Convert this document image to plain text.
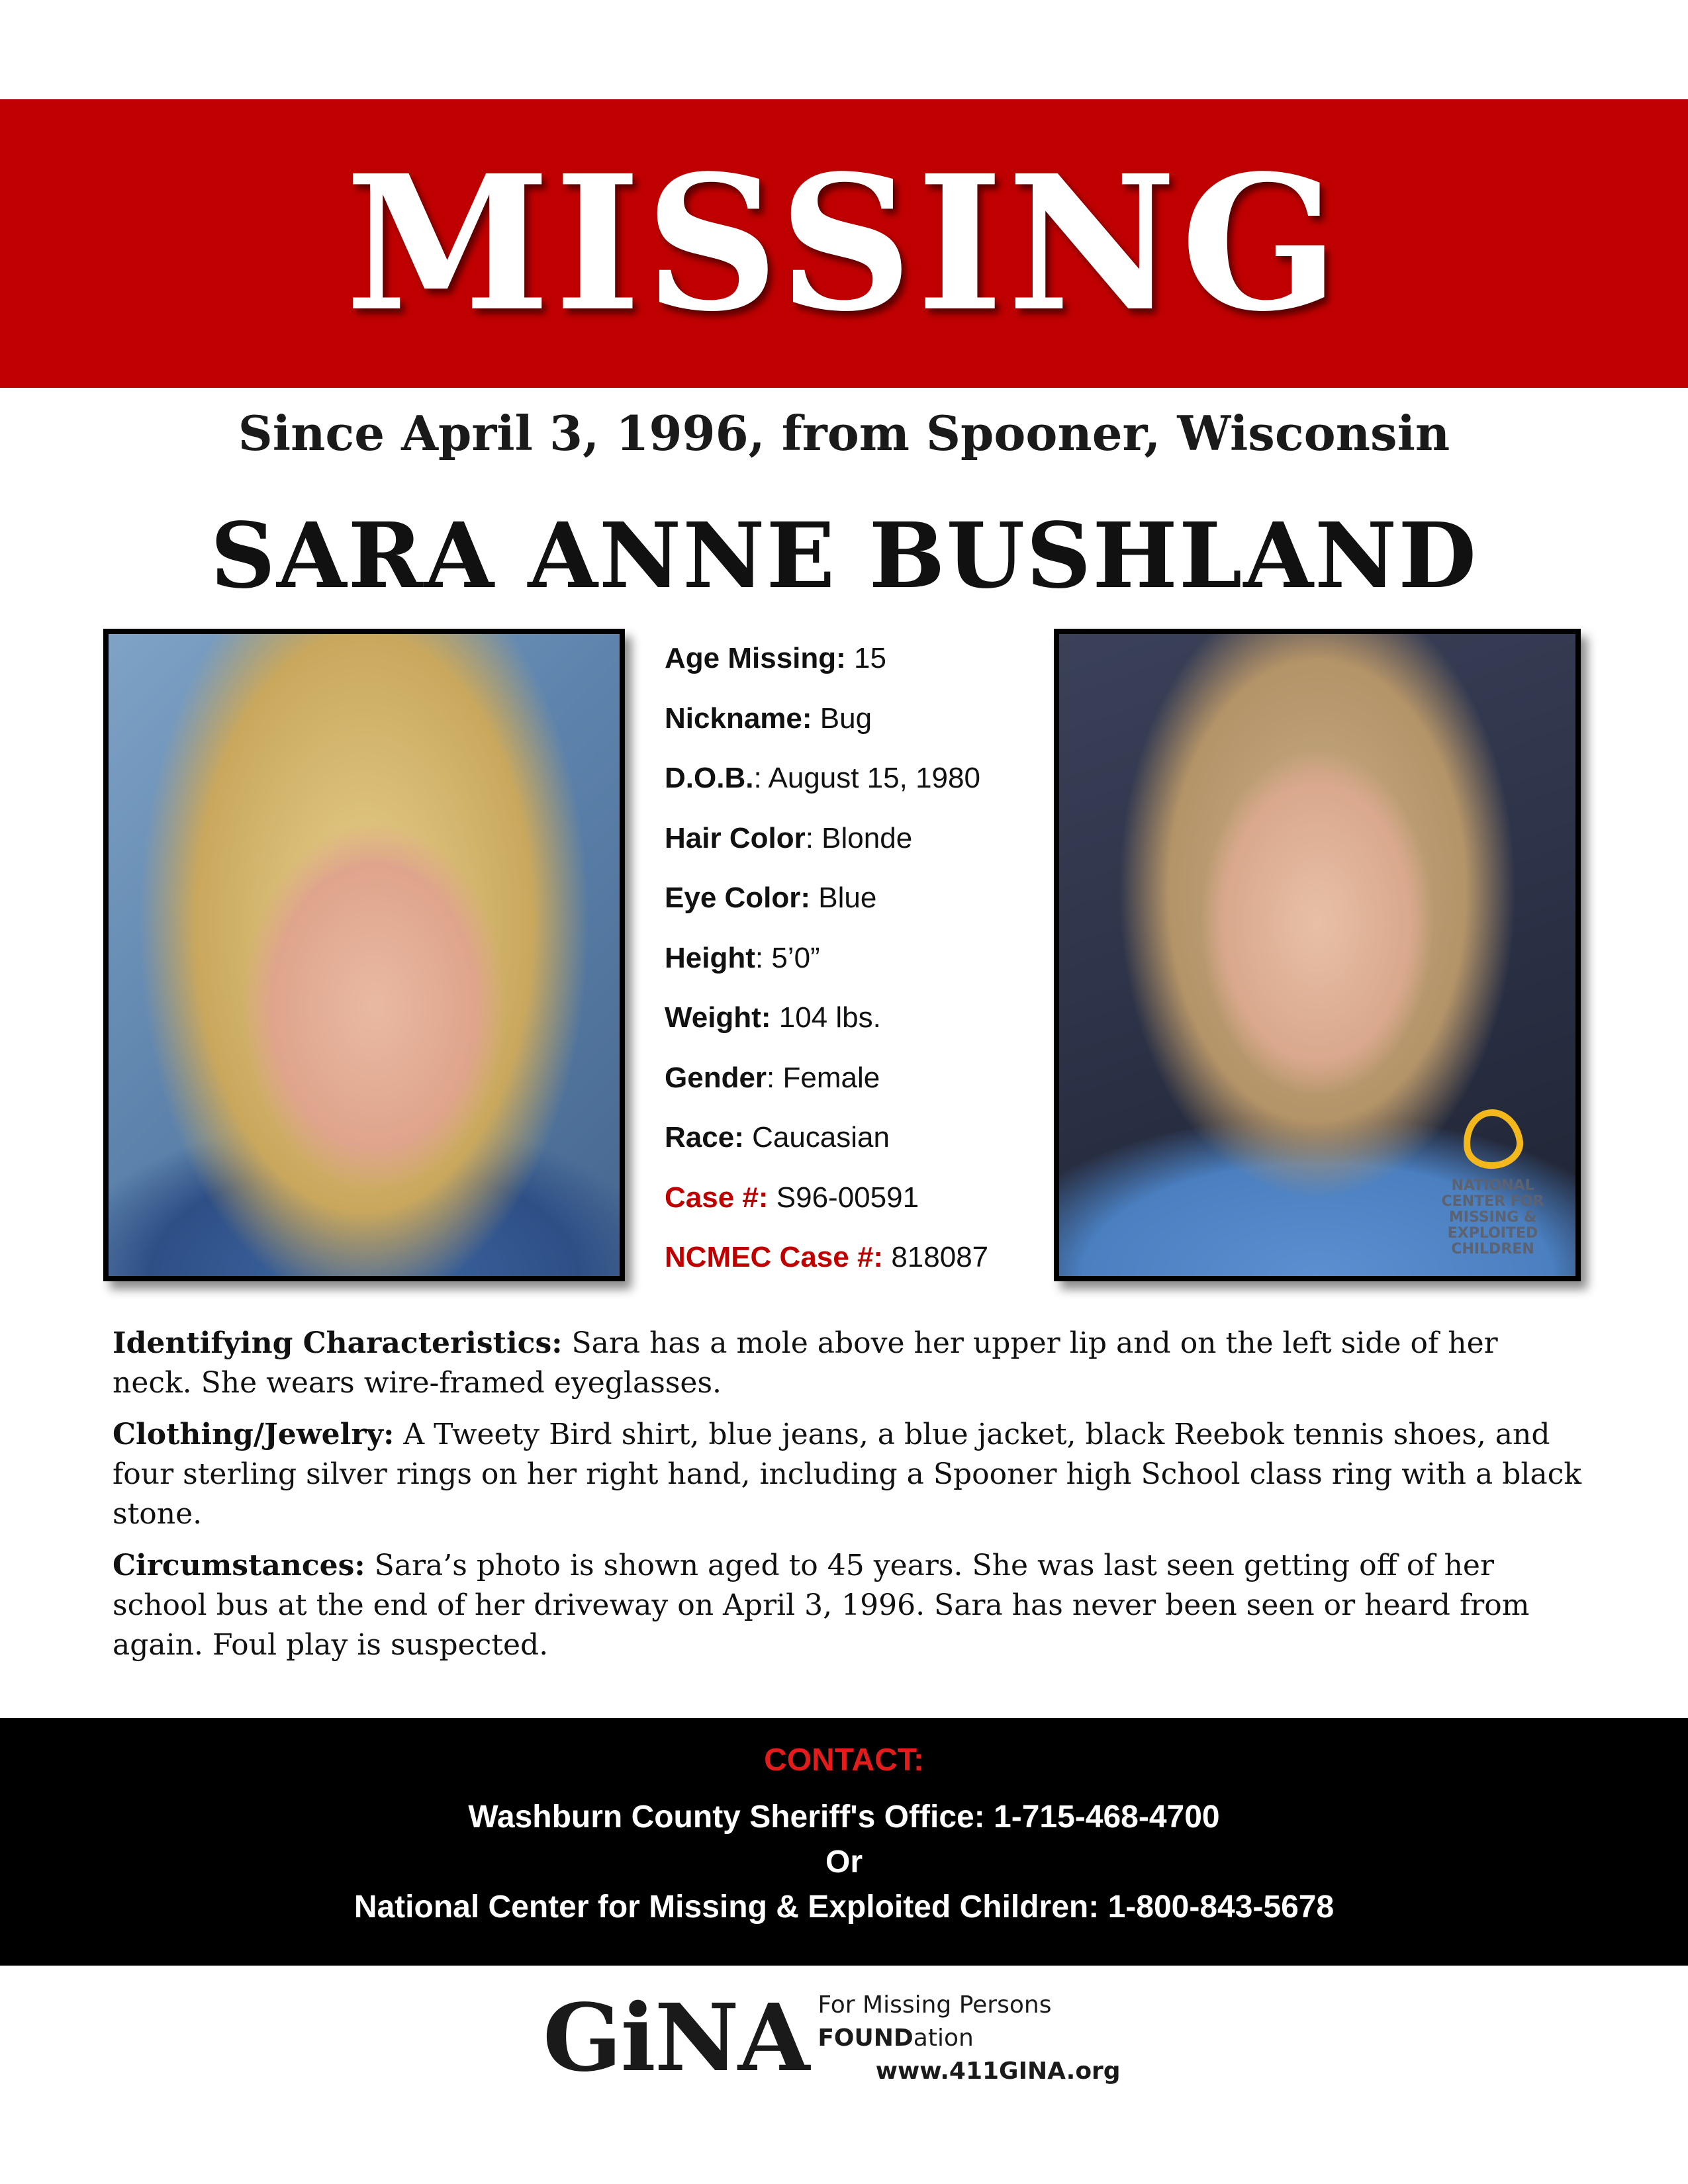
MISSING
Since April 3, 1996, from Spooner, Wisconsin
SARA ANNE BUSHLAND
Age Missing: 15
Nickname: Bug
D.O.B.: August 15, 1980
Hair Color: Blonde
Eye Color: Blue
Height: 5’0”
Weight: 104 lbs.
Gender: Female
Race: Caucasian
Case #: S96-00591
NCMEC Case #: 818087
NATIONAL CENTER FOR MISSING & EXPLOITED CHILDREN

Identifying Characteristics: Sara has a mole above her upper lip and on the left side of her neck. She wears wire-framed eyeglasses.

Clothing/Jewelry: A Tweety Bird shirt, blue jeans, a blue jacket, black Reebok tennis shoes, and four sterling silver rings on her right hand, including a Spooner high School class ring with a black stone.

Circumstances: Sara’s photo is shown aged to 45 years. She was last seen getting off of her school bus at the end of her driveway on April 3, 1996. Sara has never been seen or heard from again. Foul play is suspected.

CONTACT:
Washburn County Sheriff's Office: 1-715-468-4700
Or
National Center for Missing & Exploited Children: 1-800-843-5678
GiNA For Missing Persons FOUNDation
www.411GINA.org
